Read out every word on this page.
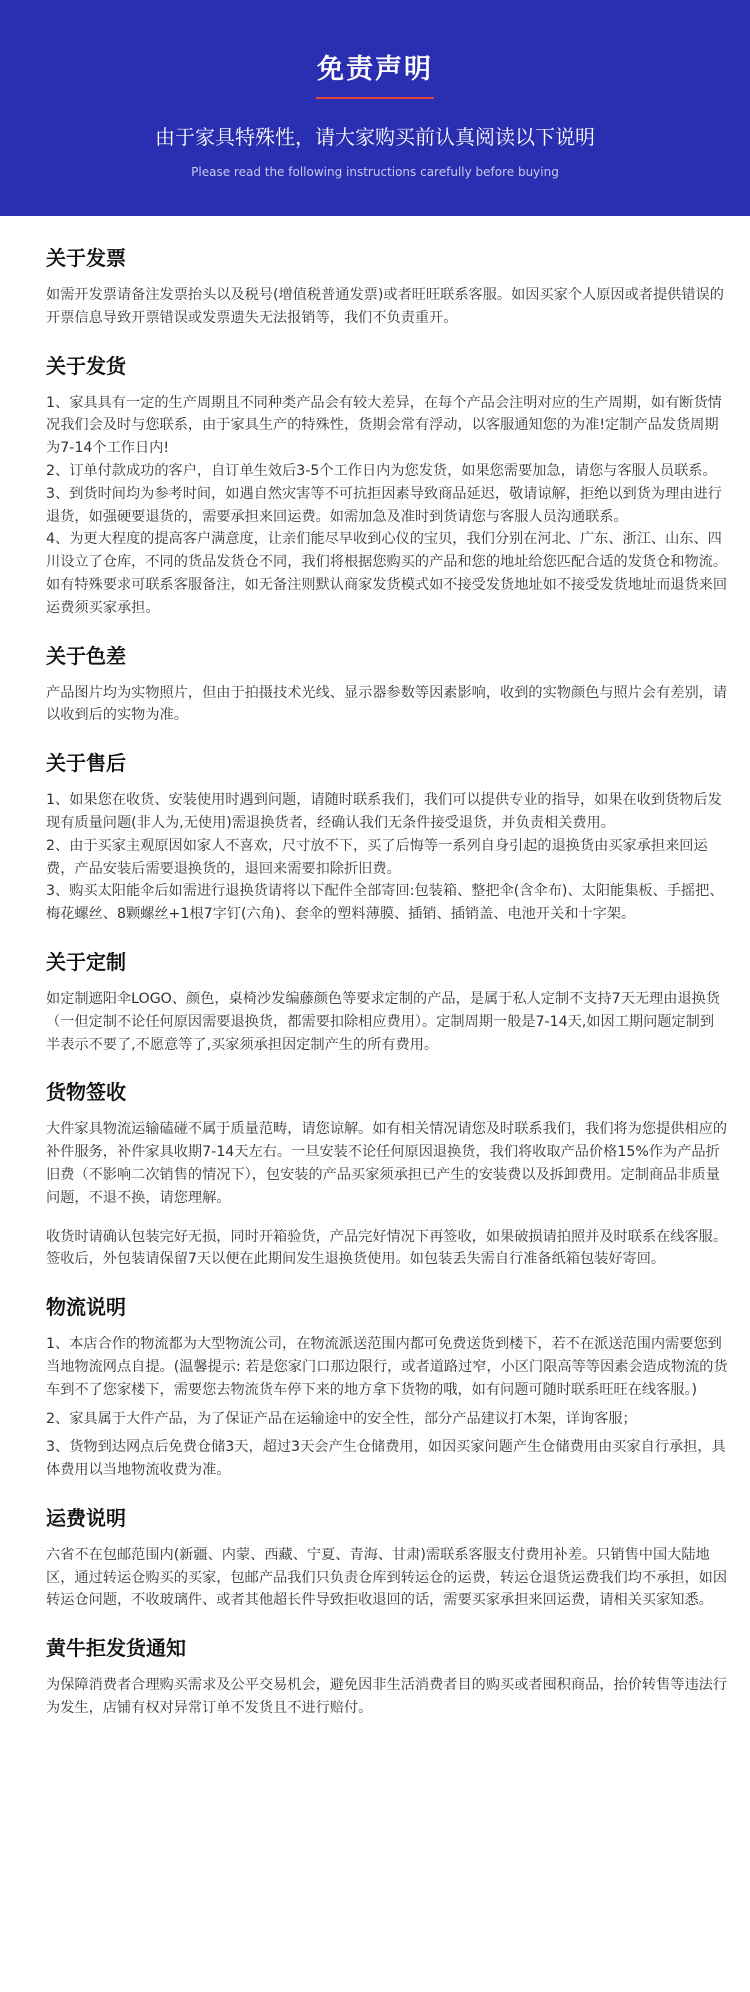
免责声明
由于家具特殊性，请大家购买前认真阅读以下说明
Please read the following instructions carefully before buying
关于发票

如需开发票请备注发票抬头以及税号(增值税普通发票)或者旺旺联系客服。如因买家个人原因或者提供错误的开票信息导致开票错误或发票遗失无法报销等，我们不负责重开。

关于发货

1、家具具有一定的生产周期且不同种类产品会有较大差异，在每个产品会注明对应的生产周期，如有断货情况我们会及时与您联系，由于家具生产的特殊性，货期会常有浮动，以客服通知您的为准!定制产品发货周期为7-14个工作日内!

2、订单付款成功的客户，自订单生效后3-5个工作日内为您发货，如果您需要加急，请您与客服人员联系。

3、到货时间均为参考时间，如遇自然灾害等不可抗拒因素导致商品延迟，敬请谅解，拒绝以到货为理由进行退货，如强硬要退货的，需要承担来回运费。如需加急及准时到货请您与客服人员沟通联系。

4、为更大程度的提高客户满意度，让亲们能尽早收到心仪的宝贝，我们分别在河北、广东、浙江、山东、四川设立了仓库，不同的货品发货仓不同，我们将根据您购买的产品和您的地址给您匹配合适的发货仓和物流。如有特殊要求可联系客服备注，如无备注则默认商家发货模式如不接受发货地址如不接受发货地址而退货来回运费须买家承担。

关于色差

产品图片均为实物照片，但由于拍摄技术光线、显示器参数等因素影响，收到的实物颜色与照片会有差别，请以收到后的实物为准。

关于售后

1、如果您在收货、安装使用时遇到问题，请随时联系我们，我们可以提供专业的指导，如果在收到货物后发现有质量问题(非人为,无使用)需退换货者，经确认我们无条件接受退货，并负责相关费用。

2、由于买家主观原因如家人不喜欢，尺寸放不下，买了后悔等一系列自身引起的退换货由买家承担来回运费，产品安装后需要退换货的，退回来需要扣除折旧费。

3、购买太阳能伞后如需进行退换货请将以下配件全部寄回:包装箱、整把伞(含伞布)、太阳能集板、手摇把、梅花螺丝、8颗螺丝+1根7字钉(六角)、套伞的塑料薄膜、插销、插销盖、电池开关和十字架。

关于定制

如定制遮阳伞LOGO、颜色，桌椅沙发编藤颜色等要求定制的产品，是属于私人定制不支持7天无理由退换货（一但定制不论任何原因需要退换货，都需要扣除相应费用）。定制周期一般是7-14天,如因工期问题定制到半表示不要了,不愿意等了,买家须承担因定制产生的所有费用。

货物签收

大件家具物流运输磕碰不属于质量范畴，请您谅解。如有相关情况请您及时联系我们，我们将为您提供相应的补件服务，补件家具收期7-14天左右。一旦安装不论任何原因退换货，我们将收取产品价格15%作为产品折旧费（不影响二次销售的情况下），包安装的产品买家须承担已产生的安装费以及拆卸费用。定制商品非质量问题，不退不换，请您理解。

收货时请确认包装完好无损，同时开箱验货，产品完好情况下再签收，如果破损请拍照并及时联系在线客服。签收后，外包装请保留7天以便在此期间发生退换货使用。如包装丢失需自行准备纸箱包装好寄回。

物流说明

1、本店合作的物流都为大型物流公司，在物流派送范围内都可免费送货到楼下，若不在派送范围内需要您到当地物流网点自提。(温馨提示: 若是您家门口那边限行，或者道路过窄，小区门限高等等因素会造成物流的货车到不了您家楼下，需要您去物流货车停下来的地方拿下货物的哦，如有问题可随时联系旺旺在线客服。)

2、家具属于大件产品，为了保证产品在运输途中的安全性，部分产品建议打木架，详询客服；

3、货物到达网点后免费仓储3天，超过3天会产生仓储费用，如因买家问题产生仓储费用由买家自行承担，具体费用以当地物流收费为准。

运费说明

六省不在包邮范围内(新疆、内蒙、西藏、宁夏、青海、甘肃)需联系客服支付费用补差。只销售中国大陆地区，通过转运仓购买的买家，包邮产品我们只负责仓库到转运仓的运费，转运仓退货运费我们均不承担，如因转运仓问题，不收玻璃件、或者其他超长件导致拒收退回的话，需要买家承担来回运费，请相关买家知悉。

黄牛拒发货通知

为保障消费者合理购买需求及公平交易机会，避免因非生活消费者目的购买或者囤积商品，抬价转售等违法行为发生，店铺有权对异常订单不发货且不进行赔付。
